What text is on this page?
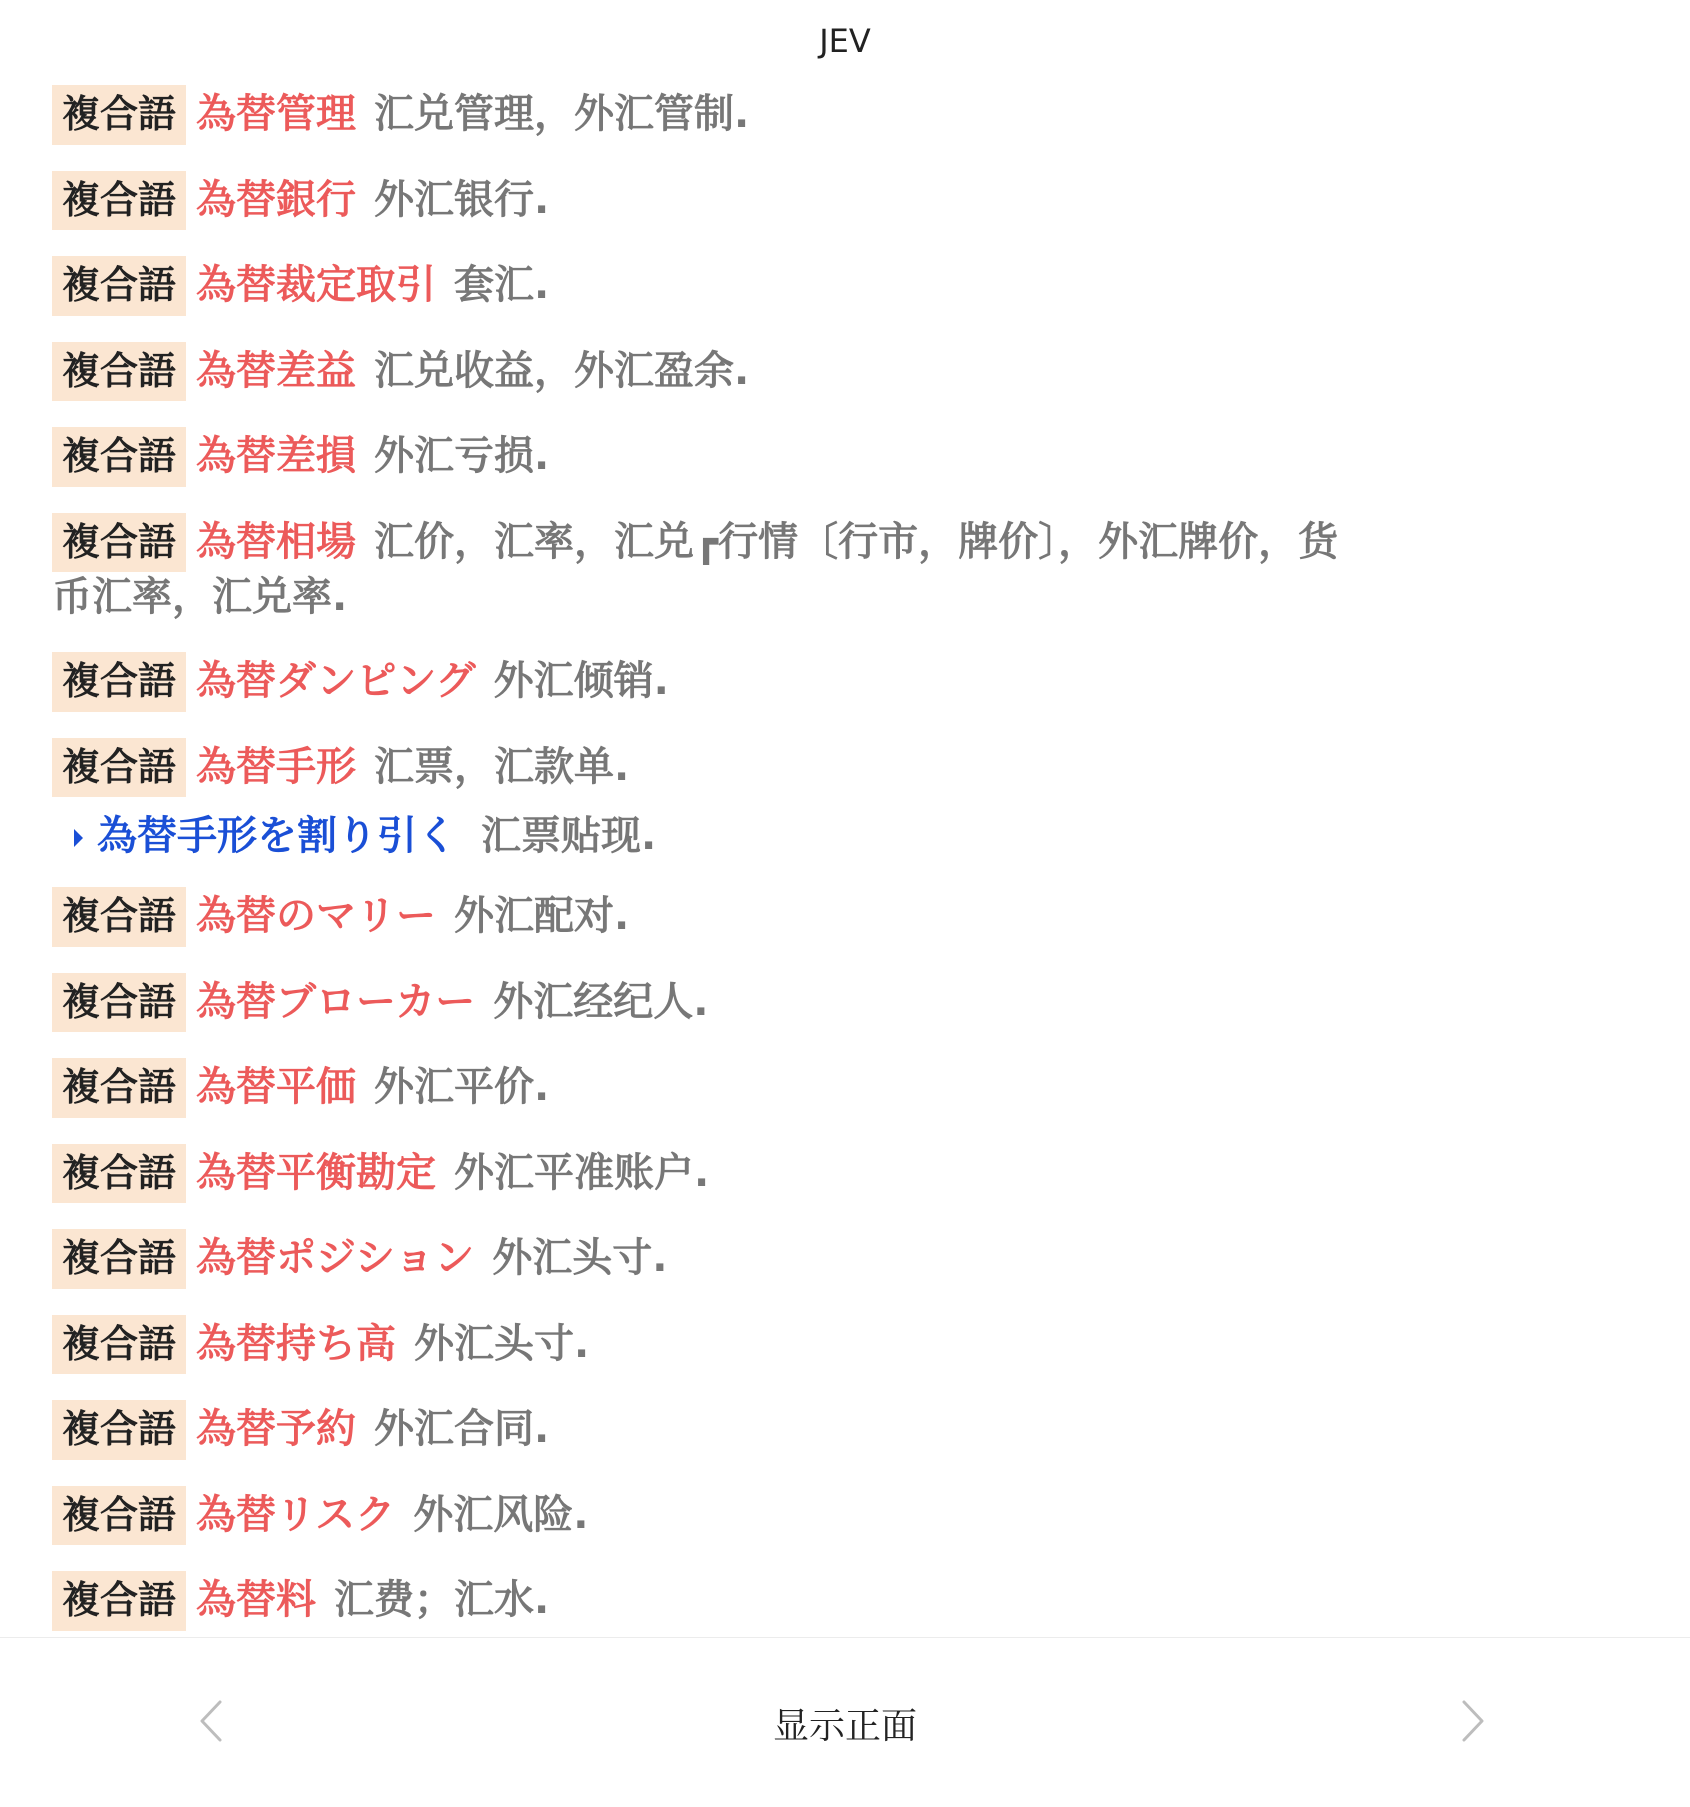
JEV
複合語 為替管理 汇兑管理，外汇管制.
複合語 為替銀行 外汇银行.
複合語 為替裁定取引 套汇.
複合語 為替差益 汇兑收益，外汇盈余.
複合語 為替差損 外汇亏损.
複合語 為替相場 汇价，汇率，汇兑┏行情〔行市，牌价〕，外汇牌价，货币汇率，汇兑率.
複合語 為替ダンピング 外汇倾销.
複合語 為替手形 汇票，汇款单.
為替手形を割り引く 汇票贴现.
複合語 為替のマリー 外汇配对.
複合語 為替ブローカー 外汇经纪人.
複合語 為替平価 外汇平价.
複合語 為替平衡勘定 外汇平准账户.
複合語 為替ポジション 外汇头寸.
複合語 為替持ち高 外汇头寸.
複合語 為替予約 外汇合同.
複合語 為替リスク 外汇风险.
複合語 為替料 汇费；汇水.
显示正面
